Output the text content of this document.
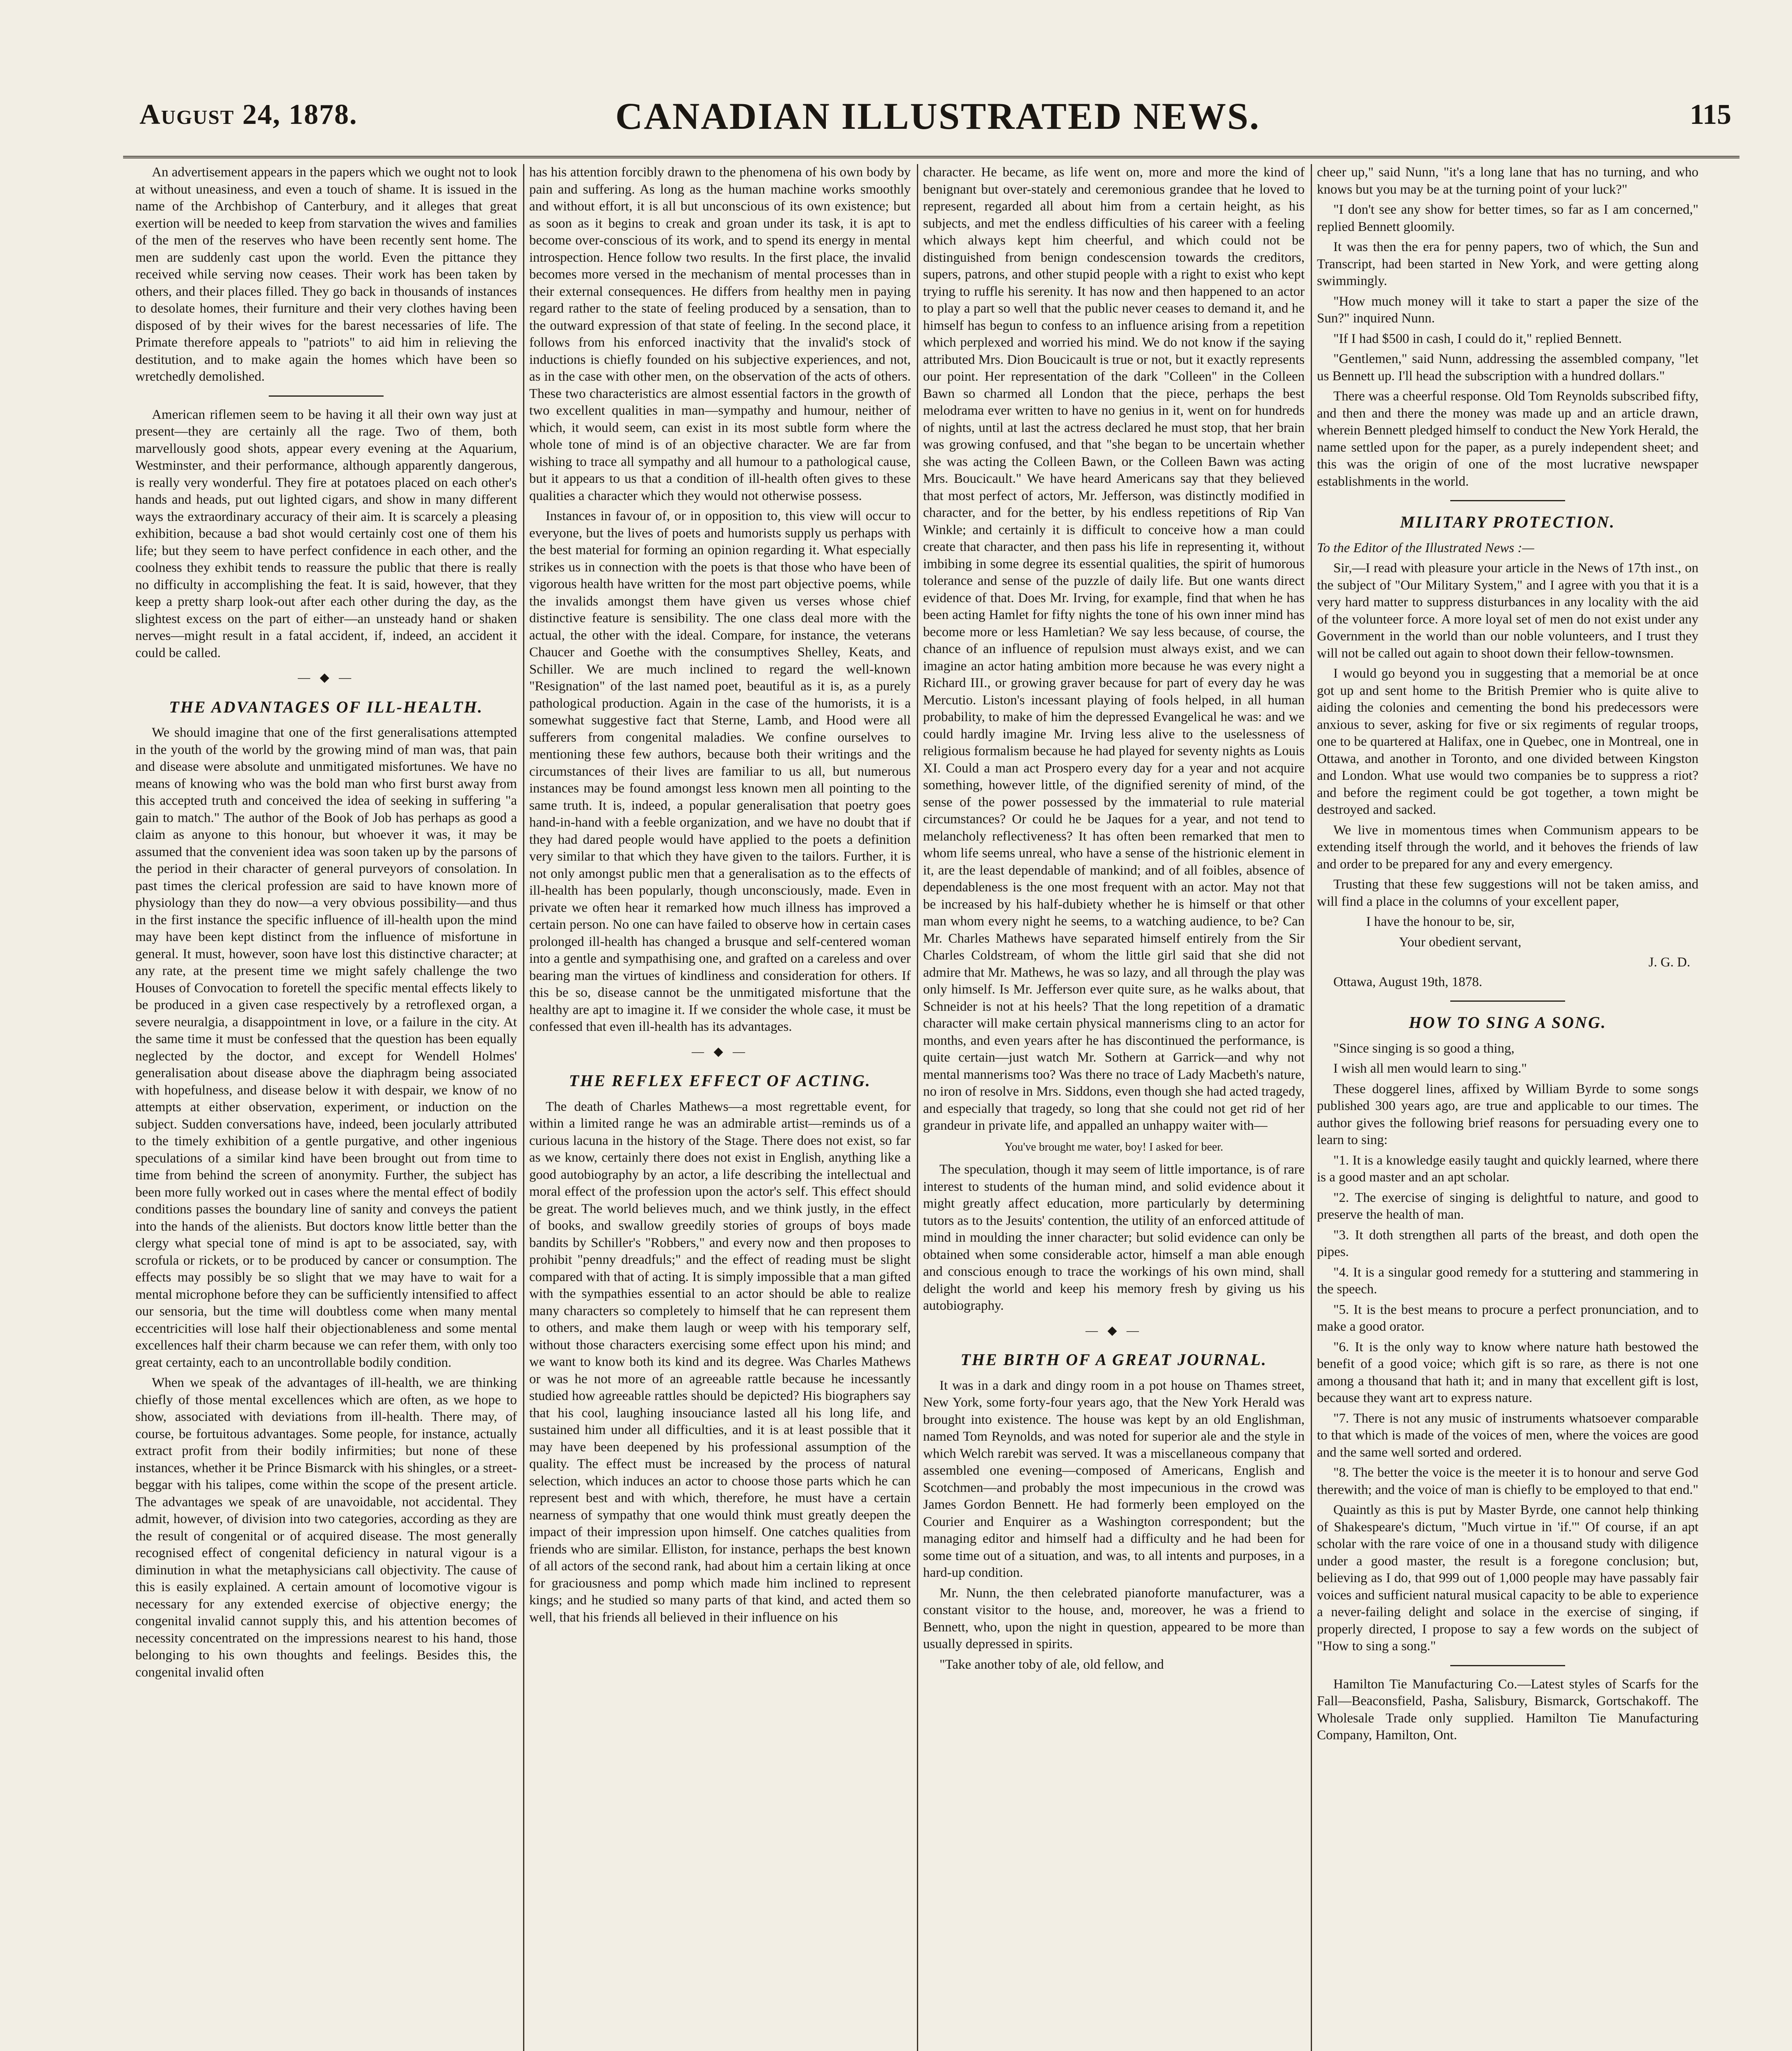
August 24, 1878.	CANADIAN ILLUSTRATED NEWS.	115

An advertisement appears in the papers which we ought not to look at without uneasiness, and even a touch of shame. It is issued in the name of the Archbishop of Canterbury, and it alleges that great exertion will be needed to keep from starvation the wives and families of the men of the reserves who have been recently sent home. The men are suddenly cast upon the world. Even the pittance they received while serving now ceases. Their work has been taken by others, and their places filled. They go back in thousands of instances to desolate homes, their furniture and their very clothes having been disposed of by their wives for the barest necessaries of life. The Primate therefore appeals to "patriots" to aid him in relieving the destitution, and to make again the homes which have been so wretchedly demolished.

American riflemen seem to be having it all their own way just at present—they are certainly all the rage. Two of them, both marvellously good shots, appear every evening at the Aquarium, Westminster, and their performance, although apparently dangerous, is really very wonderful. They fire at potatoes placed on each other's hands and heads, put out lighted cigars, and show in many different ways the extraordinary accuracy of their aim. It is scarcely a pleasing exhibition, because a bad shot would certainly cost one of them his life; but they seem to have perfect confidence in each other, and the coolness they exhibit tends to reassure the public that there is really no difficulty in accomplishing the feat. It is said, however, that they keep a pretty sharp look-out after each other during the day, as the slightest excess on the part of either—an unsteady hand or shaken nerves—might result in a fatal accident, if, indeed, an accident it could be called.

— ◆ —
THE ADVANTAGES OF ILL-HEALTH.

We should imagine that one of the first generalisations attempted in the youth of the world by the growing mind of man was, that pain and disease were absolute and unmitigated misfortunes. We have no means of knowing who was the bold man who first burst away from this accepted truth and conceived the idea of seeking in suffering "a gain to match." The author of the Book of Job has perhaps as good a claim as anyone to this honour, but whoever it was, it may be assumed that the convenient idea was soon taken up by the parsons of the period in their character of general purveyors of consolation. In past times the clerical profession are said to have known more of physiology than they do now—a very obvious possibility—and thus in the first instance the specific influence of ill-health upon the mind may have been kept distinct from the influence of misfortune in general. It must, however, soon have lost this distinctive character; at any rate, at the present time we might safely challenge the two Houses of Convocation to foretell the specific mental effects likely to be produced in a given case respectively by a retroflexed organ, a severe neuralgia, a disappointment in love, or a failure in the city. At the same time it must be confessed that the question has been equally neglected by the doctor, and except for Wendell Holmes' generalisation about disease above the diaphragm being associated with hopefulness, and disease below it with despair, we know of no attempts at either observation, experiment, or induction on the subject. Sudden conversations have, indeed, been jocularly attributed to the timely exhibition of a gentle purgative, and other ingenious speculations of a similar kind have been brought out from time to time from behind the screen of anonymity. Further, the subject has been more fully worked out in cases where the mental effect of bodily conditions passes the boundary line of sanity and conveys the patient into the hands of the alienists. But doctors know little better than the clergy what special tone of mind is apt to be associated, say, with scrofula or rickets, or to be produced by cancer or consumption. The effects may possibly be so slight that we may have to wait for a mental microphone before they can be sufficiently intensified to affect our sensoria, but the time will doubtless come when many mental eccentricities will lose half their objectionableness and some mental excellences half their charm because we can refer them, with only too great certainty, each to an uncontrollable bodily condition.

When we speak of the advantages of ill-health, we are thinking chiefly of those mental excellences which are often, as we hope to show, associated with deviations from ill-health. There may, of course, be fortuitous advantages. Some people, for instance, actually extract profit from their bodily infirmities; but none of these instances, whether it be Prince Bismarck with his shingles, or a street-beggar with his talipes, come within the scope of the present article. The advantages we speak of are unavoidable, not accidental. They admit, however, of division into two categories, according as they are the result of congenital or of acquired disease. The most generally recognised effect of congenital deficiency in natural vigour is a diminution in what the metaphysicians call objectivity. The cause of this is easily explained. A certain amount of locomotive vigour is necessary for any extended exercise of objective energy; the congenital invalid cannot supply this, and his attention becomes of necessity concentrated on the impressions nearest to his hand, those belonging to his own thoughts and feelings. Besides this, the congenital invalid often

has his attention forcibly drawn to the phenomena of his own body by pain and suffering. As long as the human machine works smoothly and without effort, it is all but unconscious of its own existence; but as soon as it begins to creak and groan under its task, it is apt to become over-conscious of its work, and to spend its energy in mental introspection. Hence follow two results. In the first place, the invalid becomes more versed in the mechanism of mental processes than in their external consequences. He differs from healthy men in paying regard rather to the state of feeling produced by a sensation, than to the outward expression of that state of feeling. In the second place, it follows from his enforced inactivity that the invalid's stock of inductions is chiefly founded on his subjective experiences, and not, as in the case with other men, on the observation of the acts of others. These two characteristics are almost essential factors in the growth of two excellent qualities in man—sympathy and humour, neither of which, it would seem, can exist in its most subtle form where the whole tone of mind is of an objective character. We are far from wishing to trace all sympathy and all humour to a pathological cause, but it appears to us that a condition of ill-health often gives to these qualities a character which they would not otherwise possess.

Instances in favour of, or in opposition to, this view will occur to everyone, but the lives of poets and humorists supply us perhaps with the best material for forming an opinion regarding it. What especially strikes us in connection with the poets is that those who have been of vigorous health have written for the most part objective poems, while the invalids amongst them have given us verses whose chief distinctive feature is sensibility. The one class deal more with the actual, the other with the ideal. Compare, for instance, the veterans Chaucer and Goethe with the consumptives Shelley, Keats, and Schiller. We are much inclined to regard the well-known "Resignation" of the last named poet, beautiful as it is, as a purely pathological production. Again in the case of the humorists, it is a somewhat suggestive fact that Sterne, Lamb, and Hood were all sufferers from congenital maladies. We confine ourselves to mentioning these few authors, because both their writings and the circumstances of their lives are familiar to us all, but numerous instances may be found amongst less known men all pointing to the same truth. It is, indeed, a popular generalisation that poetry goes hand-in-hand with a feeble organization, and we have no doubt that if they had dared people would have applied to the poets a definition very similar to that which they have given to the tailors. Further, it is not only amongst public men that a generalisation as to the effects of ill-health has been popularly, though unconsciously, made. Even in private we often hear it remarked how much illness has improved a certain person. No one can have failed to observe how in certain cases prolonged ill-health has changed a brusque and self-centered woman into a gentle and sympathising one, and grafted on a careless and over bearing man the virtues of kindliness and consideration for others. If this be so, disease cannot be the unmitigated misfortune that the healthy are apt to imagine it. If we consider the whole case, it must be confessed that even ill-health has its advantages.

— ◆ —
THE REFLEX EFFECT OF ACTING.

The death of Charles Mathews—a most regrettable event, for within a limited range he was an admirable artist—reminds us of a curious lacuna in the history of the Stage. There does not exist, so far as we know, certainly there does not exist in English, anything like a good autobiography by an actor, a life describing the intellectual and moral effect of the profession upon the actor's self. This effect should be great. The world believes much, and we think justly, in the effect of books, and swallow greedily stories of groups of boys made bandits by Schiller's "Robbers," and every now and then proposes to prohibit "penny dreadfuls;" and the effect of reading must be slight compared with that of acting. It is simply impossible that a man gifted with the sympathies essential to an actor should be able to realize many characters so completely to himself that he can represent them to others, and make them laugh or weep with his temporary self, without those characters exercising some effect upon his mind; and we want to know both its kind and its degree. Was Charles Mathews or was he not more of an agreeable rattle because he incessantly studied how agreeable rattles should be depicted? His biographers say that his cool, laughing insouciance lasted all his long life, and sustained him under all difficulties, and it is at least possible that it may have been deepened by his professional assumption of the quality. The effect must be increased by the process of natural selection, which induces an actor to choose those parts which he can represent best and with which, therefore, he must have a certain nearness of sympathy that one would think must greatly deepen the impact of their impression upon himself. One catches qualities from friends who are similar. Elliston, for instance, perhaps the best known of all actors of the second rank, had about him a certain liking at once for graciousness and pomp which made him inclined to represent kings; and he studied so many parts of that kind, and acted them so well, that his friends all believed in their influence on his

character. He became, as life went on, more and more the kind of benignant but over-stately and ceremonious grandee that he loved to represent, regarded all about him from a certain height, as his subjects, and met the endless difficulties of his career with a feeling which always kept him cheerful, and which could not be distinguished from benign condescension towards the creditors, supers, patrons, and other stupid people with a right to exist who kept trying to ruffle his serenity. It has now and then happened to an actor to play a part so well that the public never ceases to demand it, and he himself has begun to confess to an influence arising from a repetition which perplexed and worried his mind. We do not know if the saying attributed Mrs. Dion Boucicault is true or not, but it exactly represents our point. Her representation of the dark "Colleen" in the Colleen Bawn so charmed all London that the piece, perhaps the best melodrama ever written to have no genius in it, went on for hundreds of nights, until at last the actress declared he must stop, that her brain was growing confused, and that "she began to be uncertain whether she was acting the Colleen Bawn, or the Colleen Bawn was acting Mrs. Boucicault." We have heard Americans say that they believed that most perfect of actors, Mr. Jefferson, was distinctly modified in character, and for the better, by his endless repetitions of Rip Van Winkle; and certainly it is difficult to conceive how a man could create that character, and then pass his life in representing it, without imbibing in some degree its essential qualities, the spirit of humorous tolerance and sense of the puzzle of daily life. But one wants direct evidence of that. Does Mr. Irving, for example, find that when he has been acting Hamlet for fifty nights the tone of his own inner mind has become more or less Hamletian? We say less because, of course, the chance of an influence of repulsion must always exist, and we can imagine an actor hating ambition more because he was every night a Richard III., or growing graver because for part of every day he was Mercutio. Liston's incessant playing of fools helped, in all human probability, to make of him the depressed Evangelical he was: and we could hardly imagine Mr. Irving less alive to the uselessness of religious formalism because he had played for seventy nights as Louis XI. Could a man act Prospero every day for a year and not acquire something, however little, of the dignified serenity of mind, of the sense of the power possessed by the immaterial to rule material circumstances? Or could he be Jaques for a year, and not tend to melancholy reflectiveness? It has often been remarked that men to whom life seems unreal, who have a sense of the histrionic element in it, are the least dependable of mankind; and of all foibles, absence of dependableness is the one most frequent with an actor. May not that be increased by his half-dubiety whether he is himself or that other man whom every night he seems, to a watching audience, to be? Can Mr. Charles Mathews have separated himself entirely from the Sir Charles Coldstream, of whom the little girl said that she did not admire that Mr. Mathews, he was so lazy, and all through the play was only himself. Is Mr. Jefferson ever quite sure, as he walks about, that Schneider is not at his heels? That the long repetition of a dramatic character will make certain physical mannerisms cling to an actor for months, and even years after he has discontinued the performance, is quite certain—just watch Mr. Sothern at Garrick—and why not mental mannerisms too? Was there no trace of Lady Macbeth's nature, no iron of resolve in Mrs. Siddons, even though she had acted tragedy, and especially that tragedy, so long that she could not get rid of her grandeur in private life, and appalled an unhappy waiter with—

You've brought me water, boy! I asked for beer.

The speculation, though it may seem of little importance, is of rare interest to students of the human mind, and solid evidence about it might greatly affect education, more particularly by determining tutors as to the Jesuits' contention, the utility of an enforced attitude of mind in moulding the inner character; but solid evidence can only be obtained when some considerable actor, himself a man able enough and conscious enough to trace the workings of his own mind, shall delight the world and keep his memory fresh by giving us his autobiography.

— ◆ —
THE BIRTH OF A GREAT JOURNAL.

It was in a dark and dingy room in a pot house on Thames street, New York, some forty-four years ago, that the New York Herald was brought into existence. The house was kept by an old Englishman, named Tom Reynolds, and was noted for superior ale and the style in which Welch rarebit was served. It was a miscellaneous company that assembled one evening—composed of Americans, English and Scotchmen—and probably the most impecunious in the crowd was James Gordon Bennett. He had formerly been employed on the Courier and Enquirer as a Washington correspondent; but the managing editor and himself had a difficulty and he had been for some time out of a situation, and was, to all intents and purposes, in a hard-up condition.

Mr. Nunn, the then celebrated pianoforte manufacturer, was a constant visitor to the house, and, moreover, he was a friend to Bennett, who, upon the night in question, appeared to be more than usually depressed in spirits.

"Take another toby of ale, old fellow, and

cheer up," said Nunn, "it's a long lane that has no turning, and who knows but you may be at the turning point of your luck?"

"I don't see any show for better times, so far as I am concerned," replied Bennett gloomily.

It was then the era for penny papers, two of which, the Sun and Transcript, had been started in New York, and were getting along swimmingly.

"How much money will it take to start a paper the size of the Sun?" inquired Nunn.

"If I had $500 in cash, I could do it," replied Bennett.

"Gentlemen," said Nunn, addressing the assembled company, "let us Bennett up. I'll head the subscription with a hundred dollars."

There was a cheerful response. Old Tom Reynolds subscribed fifty, and then and there the money was made up and an article drawn, wherein Bennett pledged himself to conduct the New York Herald, the name settled upon for the paper, as a purely independent sheet; and this was the origin of one of the most lucrative newspaper establishments in the world.

MILITARY PROTECTION.

To the Editor of the Illustrated News :—

Sir,—I read with pleasure your article in the News of 17th inst., on the subject of "Our Military System," and I agree with you that it is a very hard matter to suppress disturbances in any locality with the aid of the volunteer force. A more loyal set of men do not exist under any Government in the world than our noble volunteers, and I trust they will not be called out again to shoot down their fellow-townsmen.

I would go beyond you in suggesting that a memorial be at once got up and sent home to the British Premier who is quite alive to aiding the colonies and cementing the bond his predecessors were anxious to sever, asking for five or six regiments of regular troops, one to be quartered at Halifax, one in Quebec, one in Montreal, one in Ottawa, and another in Toronto, and one divided between Kingston and London. What use would two companies be to suppress a riot? and before the regiment could be got together, a town might be destroyed and sacked.

We live in momentous times when Communism appears to be extending itself through the world, and it behoves the friends of law and order to be prepared for any and every emergency.

Trusting that these few suggestions will not be taken amiss, and will find a place in the columns of your excellent paper,

I have the honour to be, sir,

Your obedient servant,

J. G. D.

Ottawa, August 19th, 1878.

HOW TO SING A SONG.

"Since singing is so good a thing,

I wish all men would learn to sing."

These doggerel lines, affixed by William Byrde to some songs published 300 years ago, are true and applicable to our times. The author gives the following brief reasons for persuading every one to learn to sing:

"1. It is a knowledge easily taught and quickly learned, where there is a good master and an apt scholar.

"2. The exercise of singing is delightful to nature, and good to preserve the health of man.

"3. It doth strengthen all parts of the breast, and doth open the pipes.

"4. It is a singular good remedy for a stuttering and stammering in the speech.

"5. It is the best means to procure a perfect pronunciation, and to make a good orator.

"6. It is the only way to know where nature hath bestowed the benefit of a good voice; which gift is so rare, as there is not one among a thousand that hath it; and in many that excellent gift is lost, because they want art to express nature.

"7. There is not any music of instruments whatsoever comparable to that which is made of the voices of men, where the voices are good and the same well sorted and ordered.

"8. The better the voice is the meeter it is to honour and serve God therewith; and the voice of man is chiefly to be employed to that end."

Quaintly as this is put by Master Byrde, one cannot help thinking of Shakespeare's dictum, "Much virtue in 'if.'" Of course, if an apt scholar with the rare voice of one in a thousand study with diligence under a good master, the result is a foregone conclusion; but, believing as I do, that 999 out of 1,000 people may have passably fair voices and sufficient natural musical capacity to be able to experience a never-failing delight and solace in the exercise of singing, if properly directed, I propose to say a few words on the subject of "How to sing a song."

Hamilton Tie Manufacturing Co.—Latest styles of Scarfs for the Fall—Beaconsfield, Pasha, Salisbury, Bismarck, Gortschakoff. The Wholesale Trade only supplied. Hamilton Tie Manufacturing Company, Hamilton, Ont.
